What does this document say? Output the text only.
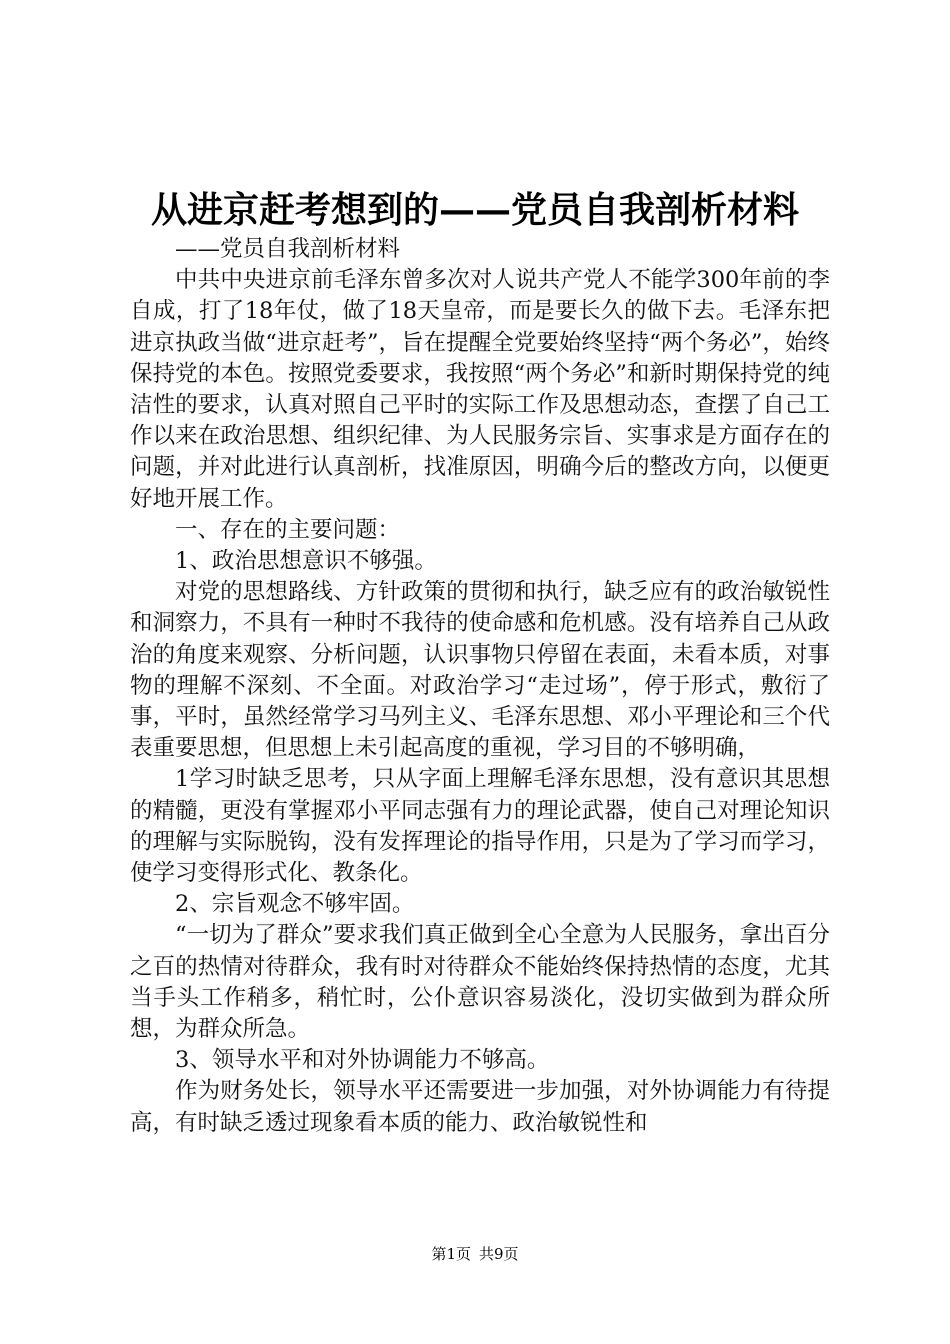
从进京赶考想到的——党员自我剖析材料

——党员自我剖析材料

中共中央进京前毛泽东曾多次对人说共产党人不能学300年前的李自成，打了18年仗，做了18天皇帝，而是要长久的做下去。毛泽东把进京执政当做“进京赶考”，旨在提醒全党要始终坚持“两个务必”，始终保持党的本色。按照党委要求，我按照“两个务必”和新时期保持党的纯洁性的要求，认真对照自己平时的实际工作及思想动态，查摆了自己工作以来在政治思想、组织纪律、为人民服务宗旨、实事求是方面存在的问题，并对此进行认真剖析，找准原因，明确今后的整改方向，以便更好地开展工作。

一、存在的主要问题：

1、政治思想意识不够强。

对党的思想路线、方针政策的贯彻和执行，缺乏应有的政治敏锐性和洞察力，不具有一种时不我待的使命感和危机感。没有培养自己从政治的角度来观察、分析问题，认识事物只停留在表面，未看本质，对事物的理解不深刻、不全面。对政治学习“走过场”，停于形式，敷衍了事，平时，虽然经常学习马列主义、毛泽东思想、邓小平理论和三个代表重要思想，但思想上未引起高度的重视，学习目的不够明确，

1学习时缺乏思考，只从字面上理解毛泽东思想，没有意识其思想的精髓，更没有掌握邓小平同志强有力的理论武器，使自己对理论知识的理解与实际脱钩，没有发挥理论的指导作用，只是为了学习而学习，使学习变得形式化、教条化。

2、宗旨观念不够牢固。

“一切为了群众”要求我们真正做到全心全意为人民服务，拿出百分之百的热情对待群众，我有时对待群众不能始终保持热情的态度，尤其当手头工作稍多，稍忙时，公仆意识容易淡化，没切实做到为群众所想，为群众所急。

3、领导水平和对外协调能力不够高。

作为财务处长，领导水平还需要进一步加强，对外协调能力有待提高，有时缺乏透过现象看本质的能力、政治敏锐性和

第1页 共9页
